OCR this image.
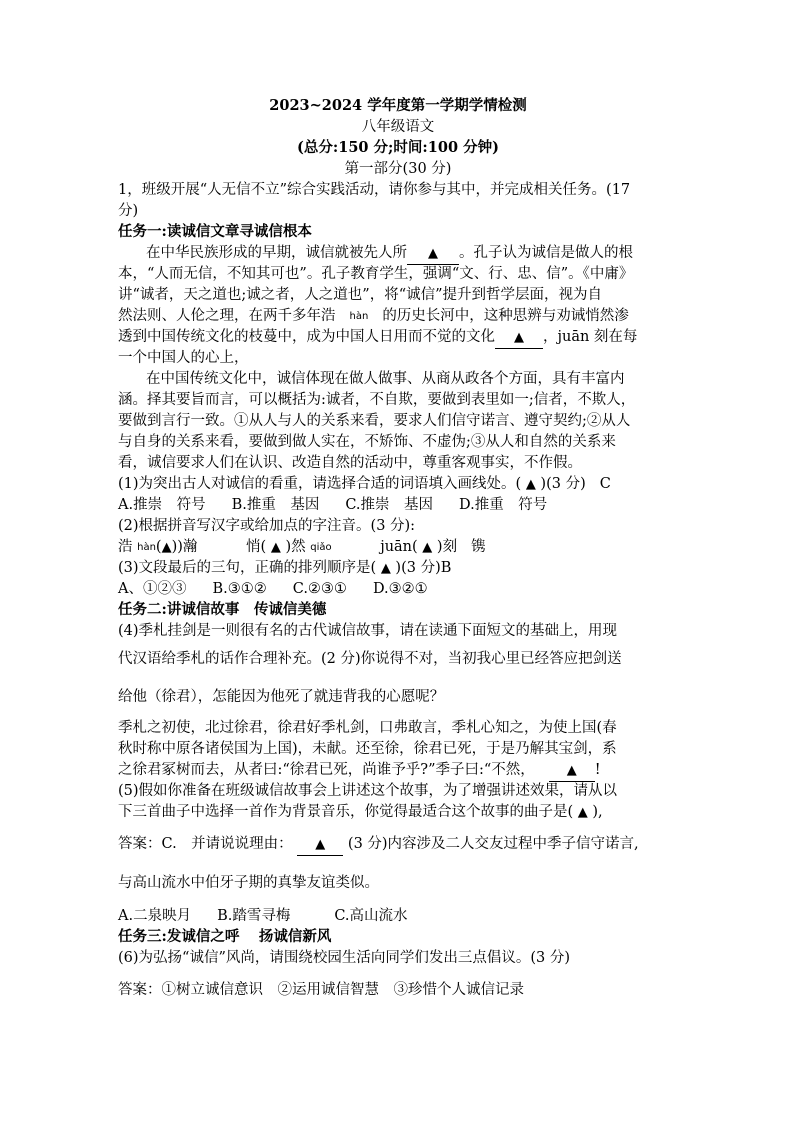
2023~2024 学年度第一学期学情检测
八年级语文
(总分:150 分;时间:100 分钟)
第一部分(30 分)
1，班级开展“人无信不立”综合实践活动，请你参与其中，并完成相关任务。(17
分)
任务一:读诚信文章寻诚信根本
在中华民族形成的早期，诚信就被先人所 ▲ 。孔子认为诚信是做人的根
本，“人而无信，不知其可也”。孔子教育学生，强调“文、行、忠、信”。《中庸》
讲“诚者，天之道也;诚之者，人之道也”，将“诚信”提升到哲学层面，视为自
然法则、人伦之理，在两千多年浩 hàn 的历史长河中，这种思辨与劝诫悄然渗
透到中国传统文化的枝蔓中，成为中国人日用而不觉的文化 ▲ ，juān 刻在每
一个中国人的心上，
在中国传统文化中，诚信体现在做人做事、从商从政各个方面，具有丰富内
涵。择其要旨而言，可以概括为:诚者，不自欺，要做到表里如一;信者，不欺人，
要做到言行一致。①从人与人的关系来看，要求人们信守诺言、遵守契约;②从人
与自身的关系来看，要做到做人实在，不矫饰、不虚伪;③从人和自然的关系来
看，诚信要求人们在认识、改造自然的活动中，尊重客观事实，不作假。
(1)为突出古人对诚信的看重，请选择合适的词语填入画线处。( ▲ )(3 分) C
A.推崇　符号 B.推重　基因 C.推崇　基因 D.推重　符号
(2)根据拼音写汉字或给加点的字注音。(3 分):
浩 hàn(▲))瀚	悄( ▲ )然 qiǎo	juān( ▲ )刻 镌
(3)文段最后的三句，正确的排列顺序是( ▲ )(3 分)B
A、①②③ B.③①② C.②③① D.③②①
任务二:讲诚信故事　传诚信美德
(4)季札挂剑是一则很有名的古代诚信故事，请在读通下面短文的基础上，用现
代汉语给季札的话作合理补充。(2 分)你说得不对，当初我心里已经答应把剑送
给他（徐君），怎能因为他死了就违背我的心愿呢？
季札之初使，北过徐君，徐君好季札剑，口弗敢言，季札心知之，为使上国(春
秋时称中原各诸侯国为上国)，未献。还至徐，徐君已死，于是乃解其宝剑，系
之徐君冢树而去，从者曰:“徐君已死，尚谁予乎?”季子曰:“不然， ▲ !
(5)假如你准备在班级诚信故事会上讲述这个故事，为了增强讲述效果，请从以
下三首曲子中选择一首作为背景音乐，你觉得最适合这个故事的曲子是( ▲ ),
答案：C.　并请说说理由： ▲ (3 分)内容涉及二人交友过程中季子信守诺言,
与高山流水中伯牙子期的真挚友谊类似。
A.二泉映月 B.踏雪寻梅	C.高山流水
任务三:发诚信之呼　 扬诚信新风
(6)为弘扬“诚信”风尚，请围绕校园生活向同学们发出三点倡议。(3 分)
答案：①树立诚信意识　②运用诚信智慧　③珍惜个人诚信记录
